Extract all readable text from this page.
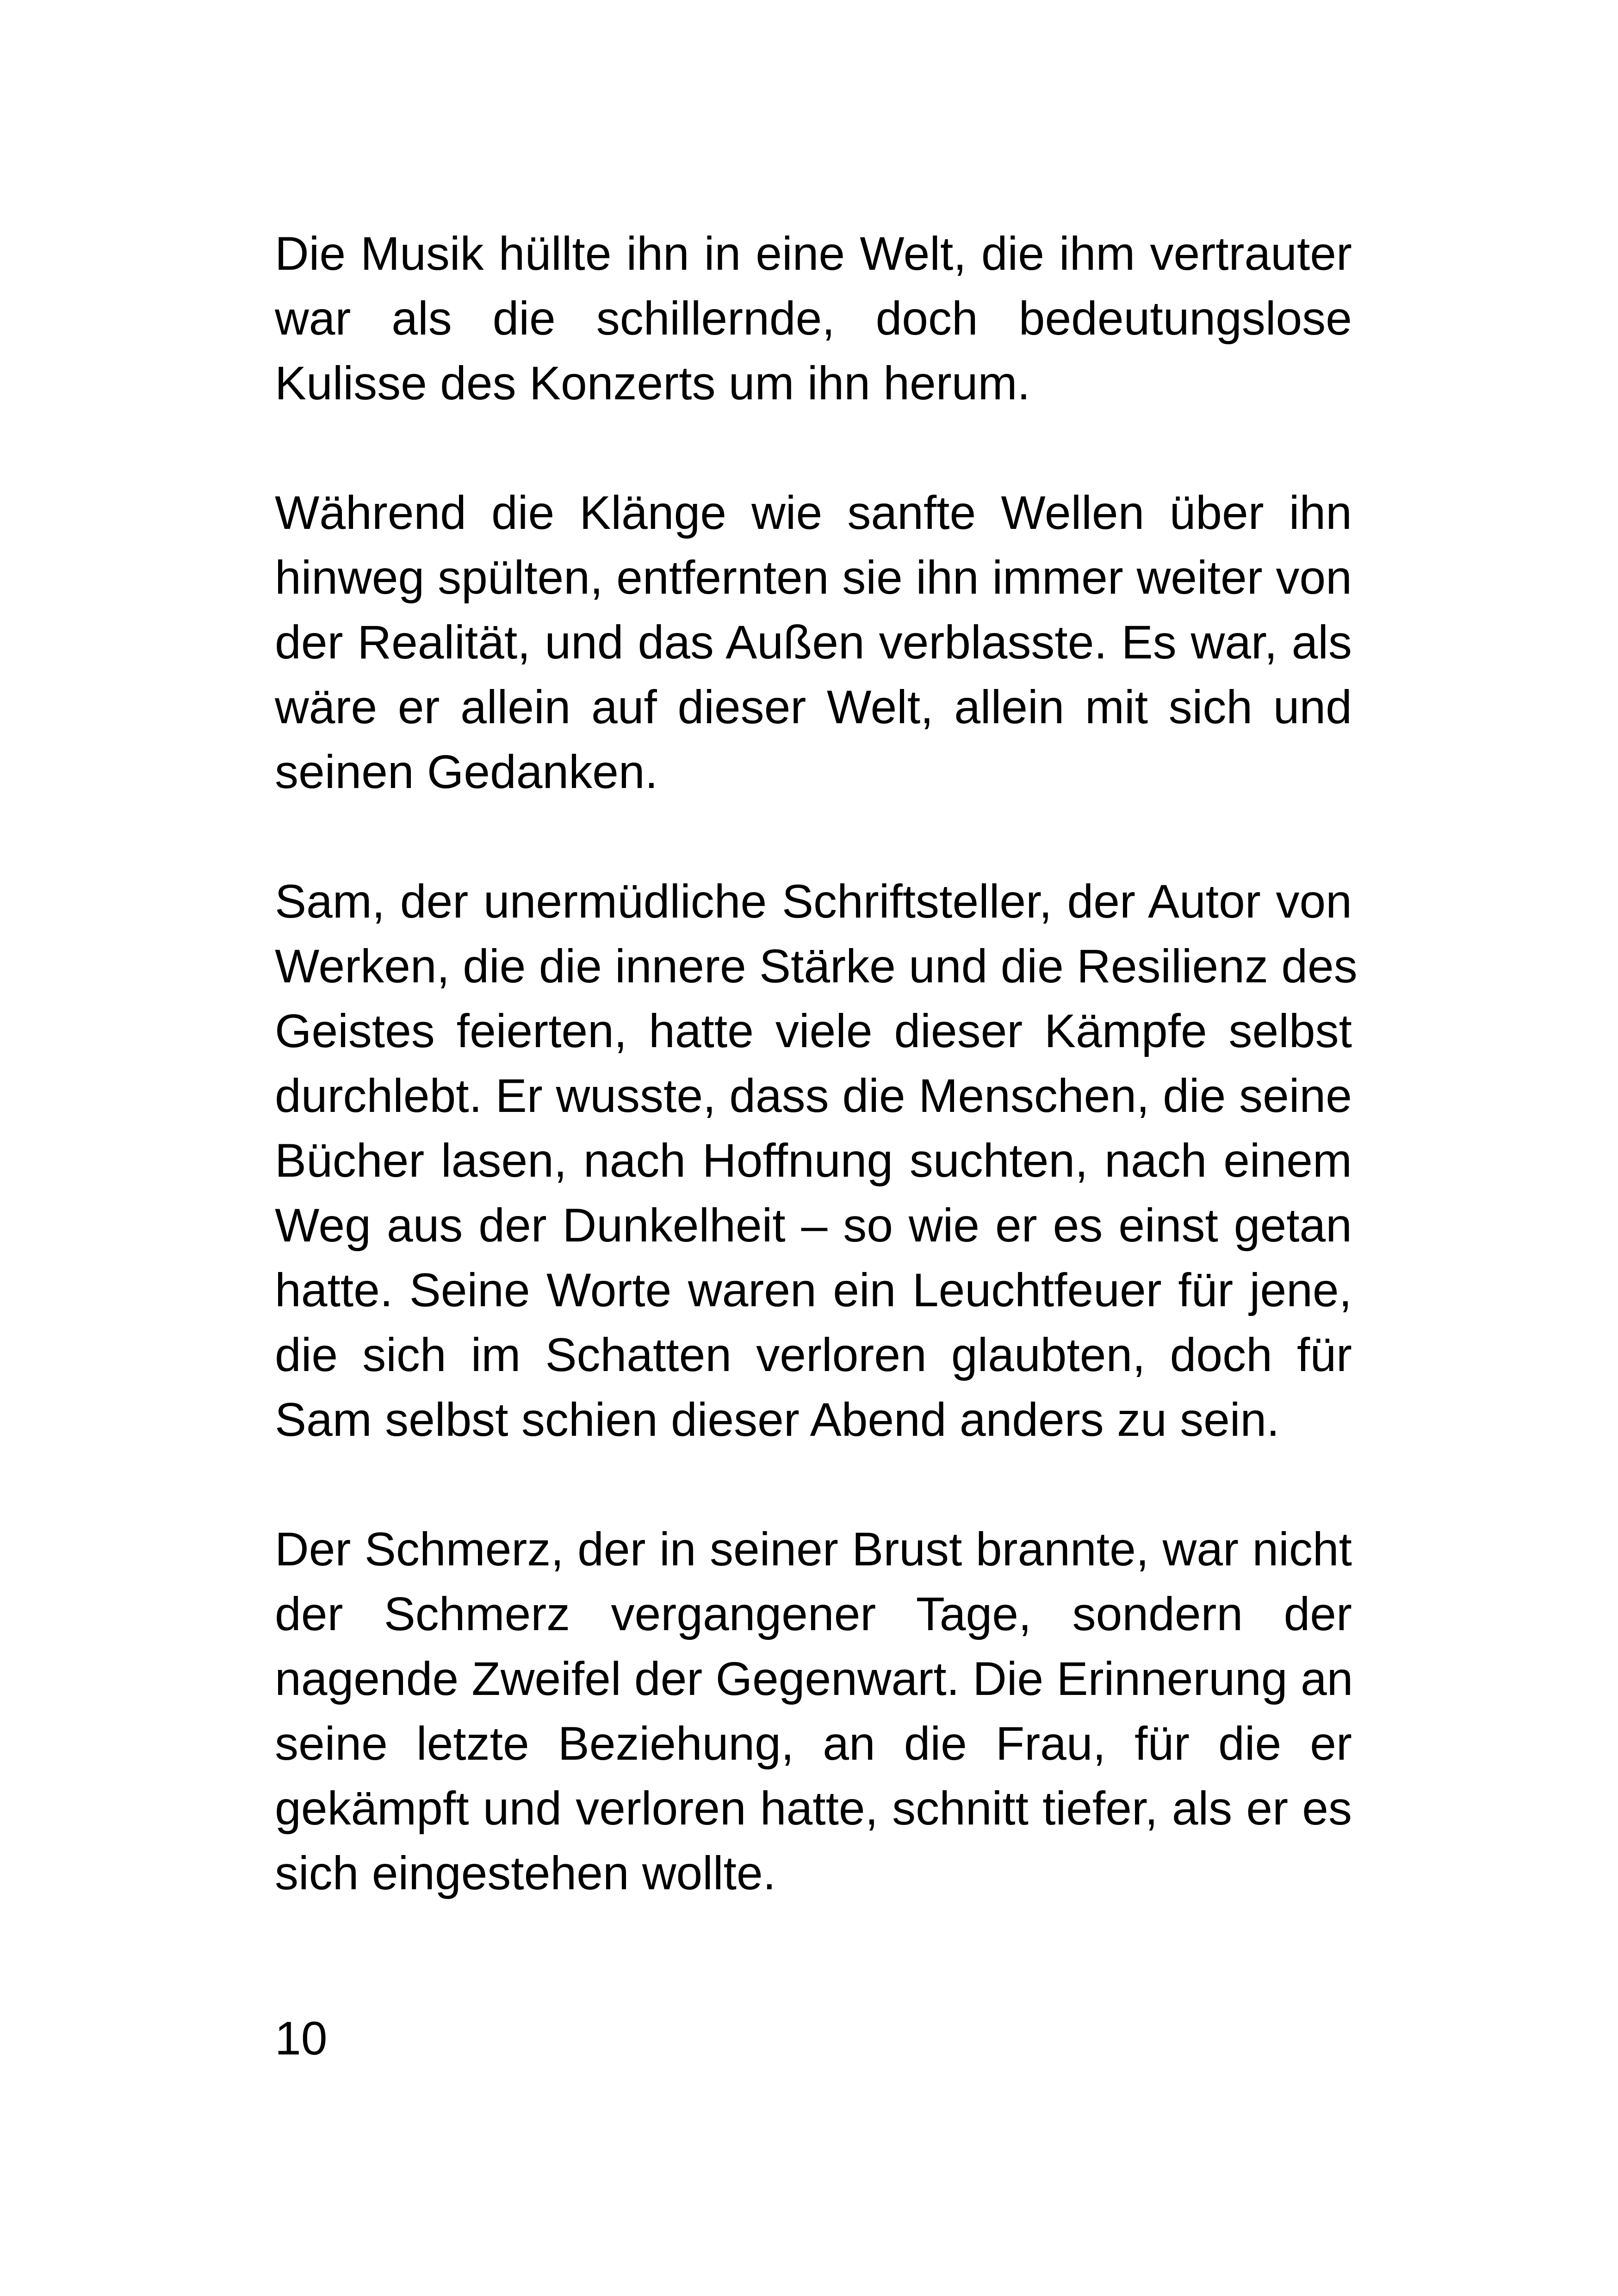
Die Musik hüllte ihn in eine Welt, die ihm vertrauter
war als die schillernde, doch bedeutungslose
Kulisse des Konzerts um ihn herum.
Während die Klänge wie sanfte Wellen über ihn
hinweg spülten, entfernten sie ihn immer weiter von
der Realität, und das Außen verblasste. Es war, als
wäre er allein auf dieser Welt, allein mit sich und
seinen Gedanken.
Sam, der unermüdliche Schriftsteller, der Autor von
Werken, die die innere Stärke und die Resilienz des
Geistes feierten, hatte viele dieser Kämpfe selbst
durchlebt. Er wusste, dass die Menschen, die seine
Bücher lasen, nach Hoffnung suchten, nach einem
Weg aus der Dunkelheit – so wie er es einst getan
hatte. Seine Worte waren ein Leuchtfeuer für jene,
die sich im Schatten verloren glaubten, doch für
Sam selbst schien dieser Abend anders zu sein.
Der Schmerz, der in seiner Brust brannte, war nicht
der Schmerz vergangener Tage, sondern der
nagende Zweifel der Gegenwart. Die Erinnerung an
seine letzte Beziehung, an die Frau, für die er
gekämpft und verloren hatte, schnitt tiefer, als er es
sich eingestehen wollte.
10
